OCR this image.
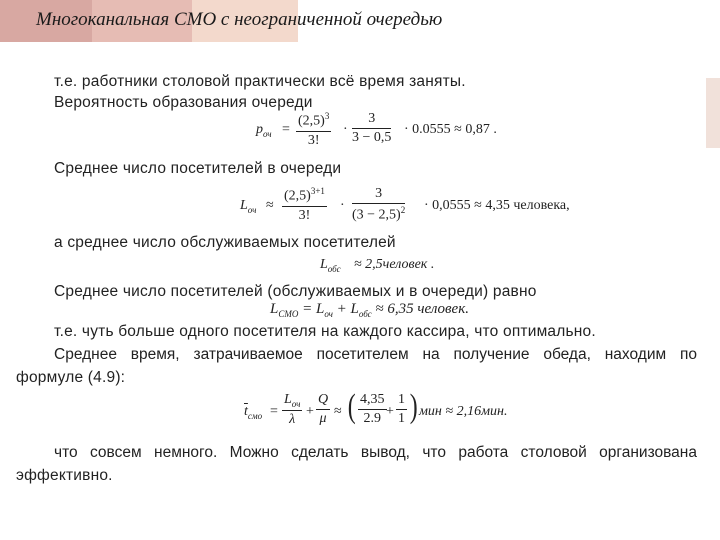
Многоканальная СМО с неограниченной очередью
т.е. работники столовой практически всё время заняты.
Вероятность образования очереди
$p_{оч}$ =
$(2,5)^3$
3!
·
3
3 − 0,5
· 0.0555 ≈ 0,87 .
Среднее число посетителей в очереди
$L_{оч}$ ≈
$(2,5)^{3+1}$
3!
·
3
$(3 - 2,5)^2 \cdot 0,0555 \approx 4,35$ человека,
а среднее число обслуживаемых посетителей
$L_{обс}$ ≈ 2,5человек .
Среднее число посетителей (обслуживаемых и в очереди) равно
$L_{СМО} = L_{оч} + L_{обс} \approx 6,35$ человек.
т.е. чуть больше одного посетителя на каждого кассира, что оптимально.
Среднее время, затрачиваемое посетителем на получение обеда, находим по
формуле (4.9):
$\overline{t}_{смо}$ =
$L_{оч}$
λ
+
Q
μ ≈ ( 4,35
2.9 +
1
1 ) мин ≈ 2,16мин.
что совсем немного. Можно сделать вывод, что работа столовой организована
эффективно.
